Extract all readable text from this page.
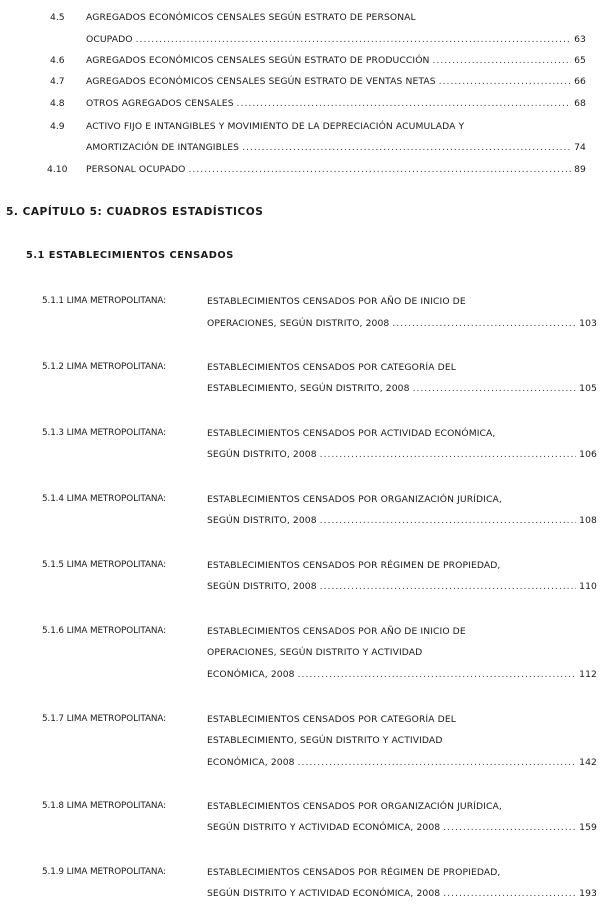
4.5 AGREGADOS ECONÓMICOS CENSALES SEGÚN ESTRATO DE PERSONAL
OCUPADO .....	63
4.6 AGREGADOS ECONÓMICOS CENSALES SEGÚN ESTRATO DE PRODUCCIÓN .....	65
4.7 AGREGADOS ECONÓMICOS CENSALES SEGÚN ESTRATO DE VENTAS NETAS .....	66
4.8 OTROS AGREGADOS CENSALES .....	68
4.9 ACTIVO FIJO E INTANGIBLES Y MOVIMIENTO DE LA DEPRECIACIÓN ACUMULADA Y
AMORTIZACIÓN DE INTANGIBLES .....	74
4.10 PERSONAL OCUPADO .....	89
5. CAPÍTULO 5: CUADROS ESTADÍSTICOS
5.1 ESTABLECIMIENTOS CENSADOS
5.1.1 LIMA METROPOLITANA:	ESTABLECIMIENTOS CENSADOS POR AÑO DE INICIO DE
OPERACIONES, SEGÚN DISTRITO, 2008 .....	103
5.1.2 LIMA METROPOLITANA:	ESTABLECIMIENTOS CENSADOS POR CATEGORÍA DEL
ESTABLECIMIENTO, SEGÚN DISTRITO, 2008 .....	105
5.1.3 LIMA METROPOLITANA:	ESTABLECIMIENTOS CENSADOS POR ACTIVIDAD ECONÓMICA,
SEGÚN DISTRITO, 2008 .....	106
5.1.4 LIMA METROPOLITANA:	ESTABLECIMIENTOS CENSADOS POR ORGANIZACIÓN JURÍDICA,
SEGÚN DISTRITO, 2008 .....	108
5.1.5 LIMA METROPOLITANA:	ESTABLECIMIENTOS CENSADOS POR RÉGIMEN DE PROPIEDAD,
SEGÚN DISTRITO, 2008 .....	110
5.1.6 LIMA METROPOLITANA:	ESTABLECIMIENTOS CENSADOS POR AÑO DE INICIO DE
OPERACIONES, SEGÚN DISTRITO Y ACTIVIDAD
ECONÓMICA, 2008 .....	112
5.1.7 LIMA METROPOLITANA:	ESTABLECIMIENTOS CENSADOS POR CATEGORÍA DEL
ESTABLECIMIENTO, SEGÚN DISTRITO Y ACTIVIDAD
ECONÓMICA, 2008 .....	142
5.1.8 LIMA METROPOLITANA:	ESTABLECIMIENTOS CENSADOS POR ORGANIZACIÓN JURÍDICA,
SEGÚN DISTRITO Y ACTIVIDAD ECONÓMICA, 2008 .....	159
5.1.9 LIMA METROPOLITANA:	ESTABLECIMIENTOS CENSADOS POR RÉGIMEN DE PROPIEDAD,
SEGÚN DISTRITO Y ACTIVIDAD ECONÓMICA, 2008 .....	193
